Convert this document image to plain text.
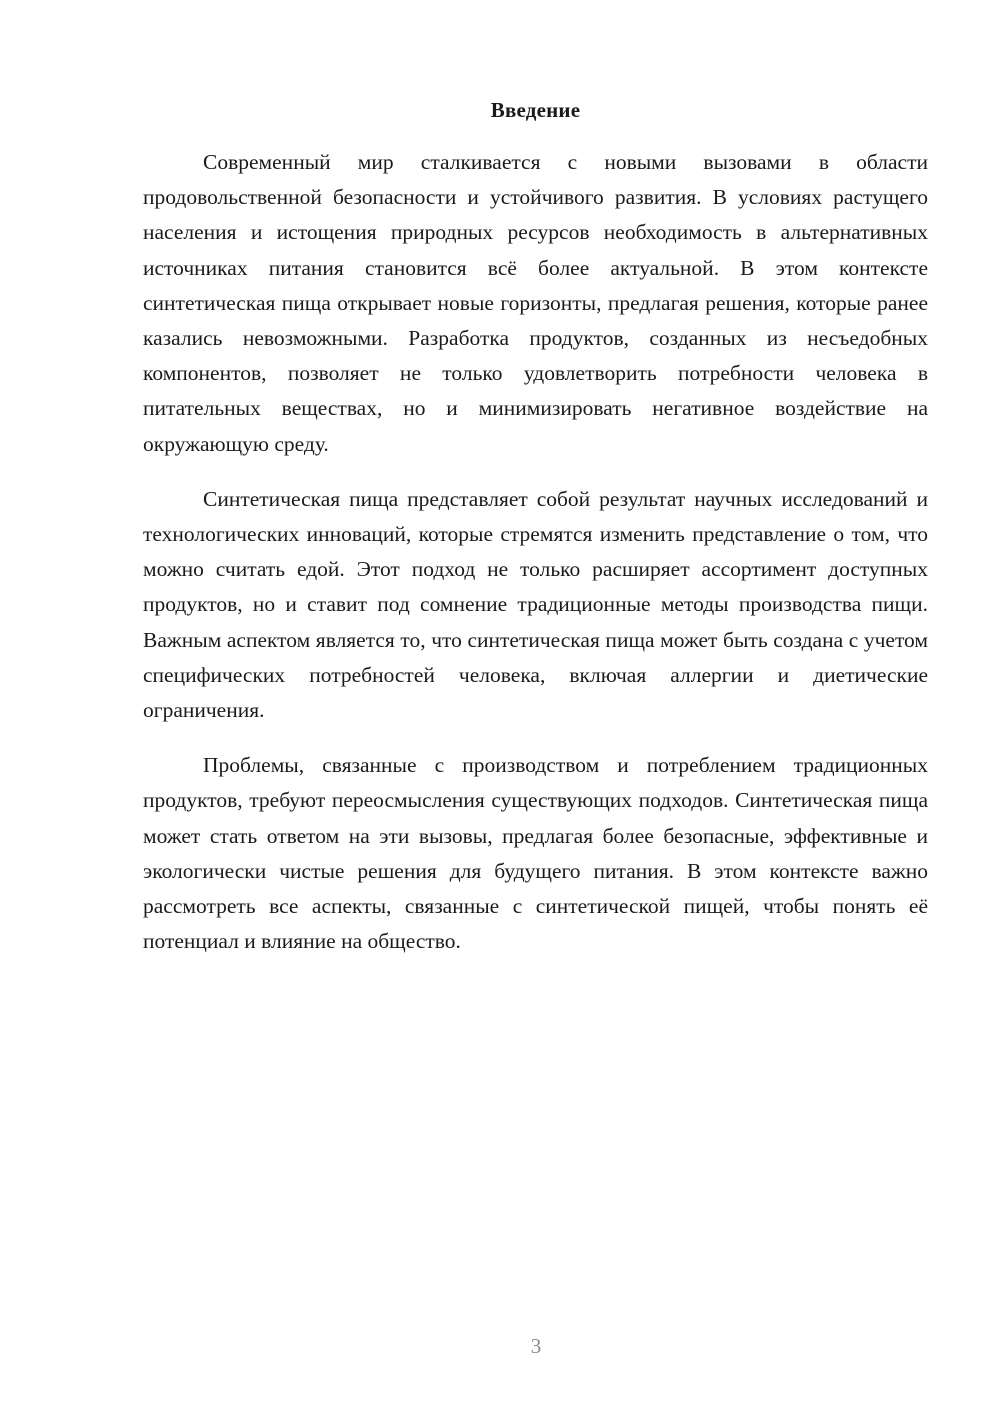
Введение

Современный мир сталкивается с новыми вызовами в области продовольственной безопасности и устойчивого развития. В условиях растущего населения и истощения природных ресурсов необходимость в альтернативных источниках питания становится всё более актуальной. В этом контексте синтетическая пища открывает новые горизонты, предлагая решения, которые ранее казались невозможными. Разработка продуктов, созданных из несъедобных компонентов, позволяет не только удовлетворить потребности человека в питательных веществах, но и минимизировать негативное воздействие на окружающую среду.

Синтетическая пища представляет собой результат научных исследований и технологических инноваций, которые стремятся изменить представление о том, что можно считать едой. Этот подход не только расширяет ассортимент доступных продуктов, но и ставит под сомнение традиционные методы производства пищи. Важным аспектом является то, что синтетическая пища может быть создана с учетом специфических потребностей человека, включая аллергии и диетические ограничения.

Проблемы, связанные с производством и потреблением традиционных продуктов, требуют переосмысления существующих подходов. Синтетическая пища может стать ответом на эти вызовы, предлагая более безопасные, эффективные и экологически чистые решения для будущего питания. В этом контексте важно рассмотреть все аспекты, связанные с синтетической пищей, чтобы понять её потенциал и влияние на общество.

3
